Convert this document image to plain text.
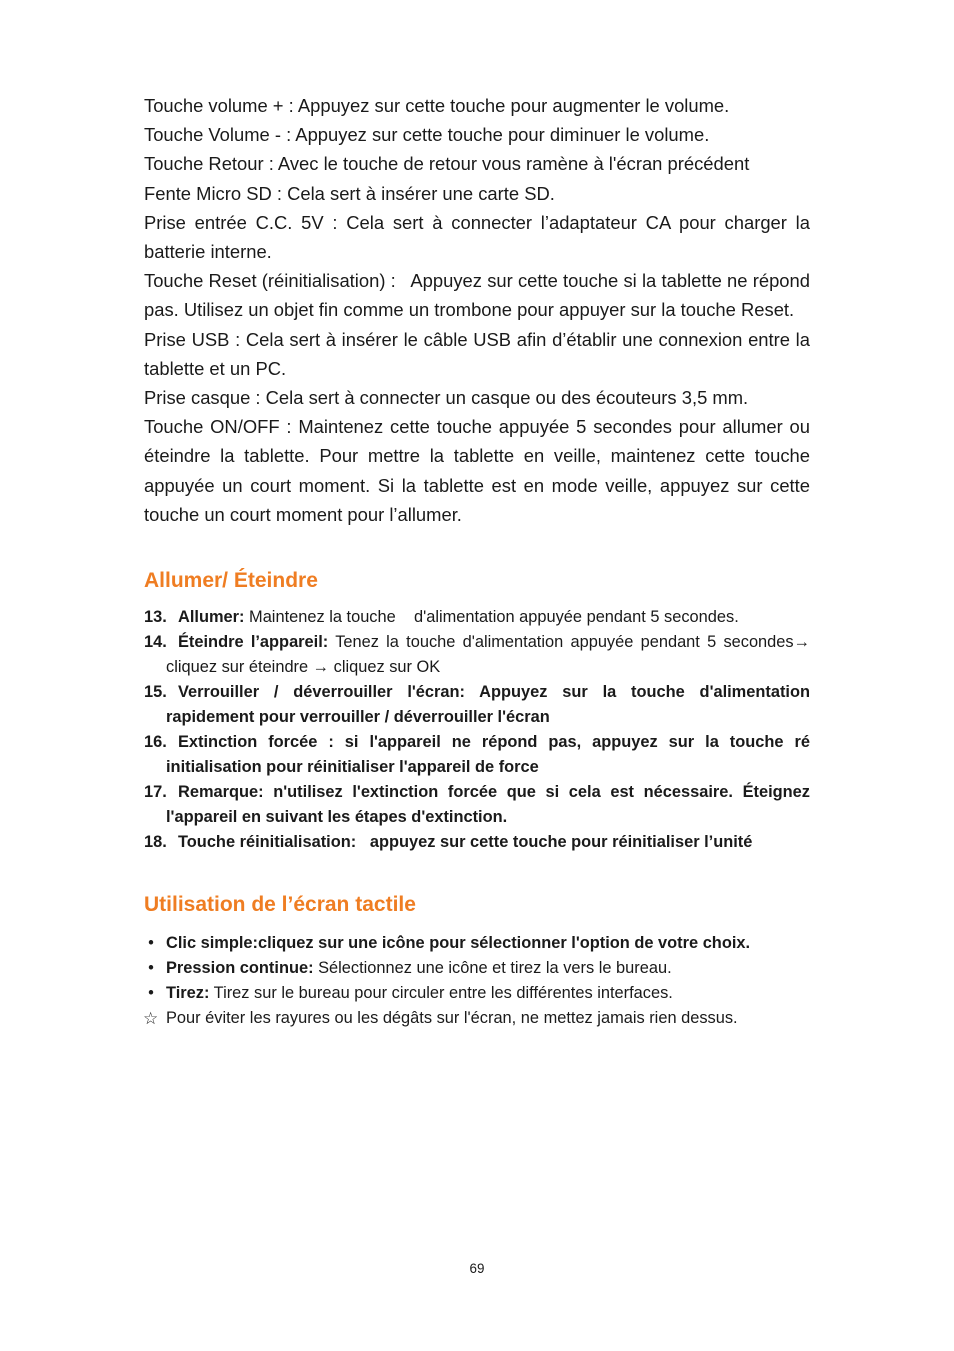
Touche volume + : Appuyez sur cette touche pour augmenter le volume.

Touche Volume - : Appuyez sur cette touche pour diminuer le volume.

Touche Retour : Avec le touche de retour vous ramène à l'écran précédent

Fente Micro SD : Cela sert à insérer une carte SD.

Prise entrée C.C. 5V : Cela sert à connecter l’adaptateur CA pour charger la batterie interne.

Touche Reset (réinitialisation) :   Appuyez sur cette touche si la tablette ne répond pas. Utilisez un objet fin comme un trombone pour appuyer sur la touche Reset.

Prise USB : Cela sert à insérer le câble USB afin d’établir une connexion entre la tablette et un PC.

Prise casque : Cela sert à connecter un casque ou des écouteurs 3,5 mm.

Touche ON/OFF : Maintenez cette touche appuyée 5 secondes pour allumer ou éteindre la tablette. Pour mettre la tablette en veille, maintenez cette touche appuyée un court moment. Si la tablette est en mode veille, appuyez sur cette touche un court moment pour l’allumer.

Allumer/ Éteindre
13. Allumer: Maintenez la touche    d'alimentation appuyée pendant 5 secondes.
14. Éteindre l’appareil: Tenez la touche d'alimentation appuyée pendant 5 secondes→ cliquez sur éteindre → cliquez sur OK
15. Verrouiller / déverrouiller l'écran: Appuyez sur la touche d'alimentation rapidement pour verrouiller / déverrouiller l'écran
16. Extinction forcée : si l'appareil ne répond pas, appuyez sur la touche ré initialisation pour réinitialiser l'appareil de force
17. Remarque: n'utilisez l'extinction forcée que si cela est nécessaire. Éteignez l'appareil en suivant les étapes d'extinction.
18. Touche réinitialisation:   appuyez sur cette touche pour réinitialiser l’unité
Utilisation de l’écran tactile
• Clic simple:cliquez sur une icône pour sélectionner l'option de votre choix.
• Pression continue: Sélectionnez une icône et tirez la vers le bureau.
• Tirez: Tirez sur le bureau pour circuler entre les différentes interfaces.
☆ Pour éviter les rayures ou les dégâts sur l'écran, ne mettez jamais rien dessus.
69
